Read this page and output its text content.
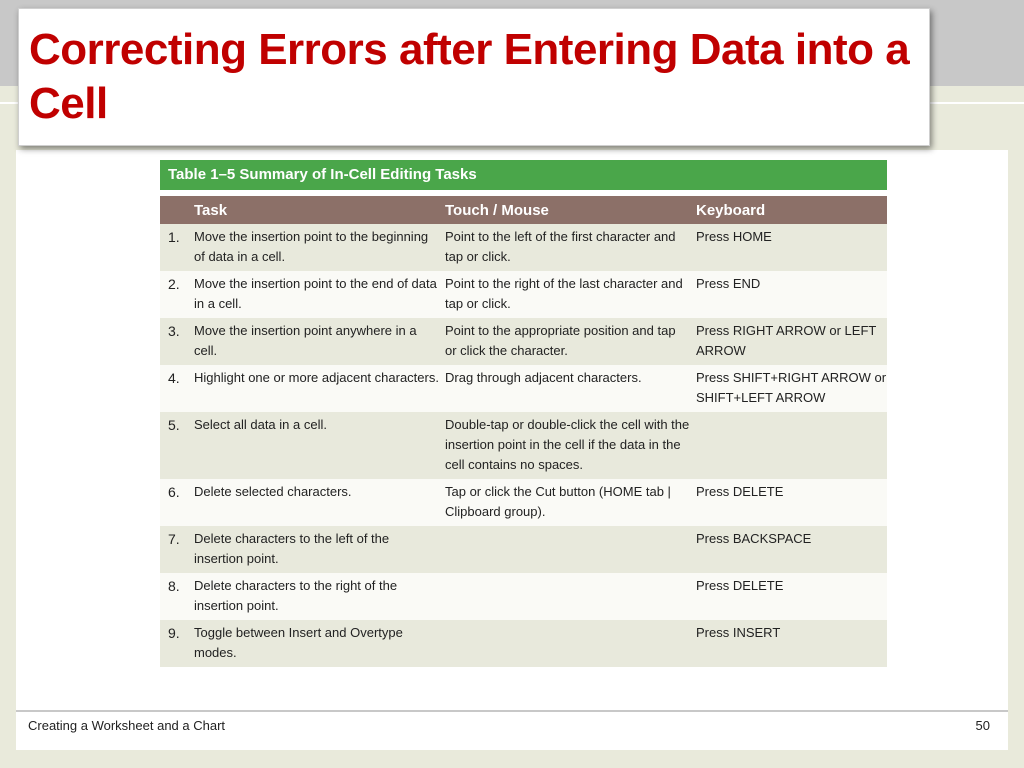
Correcting Errors after Entering Data into a Cell
Table 1–5 Summary of In-Cell Editing Tasks
	Task	Touch / Mouse	Keyboard
1.	Move the insertion point to the beginning of data in a cell.	Point to the left of the first character and tap or click.	Press HOME
2.	Move the insertion point to the end of data in a cell.	Point to the right of the last character and tap or click.	Press END
3.	Move the insertion point anywhere in a cell.	Point to the appropriate position and tap or click the character.	Press RIGHT ARROW or LEFT ARROW
4.	Highlight one or more adjacent characters.	Drag through adjacent characters.	Press SHIFT+RIGHT ARROW or SHIFT+LEFT ARROW
5.	Select all data in a cell.	Double-tap or double-click the cell with the insertion point in the cell if the data in the cell contains no spaces.	
6.	Delete selected characters.	Tap or click the Cut button (HOME tab | Clipboard group).	Press DELETE
7.	Delete characters to the left of the insertion point.		Press BACKSPACE
8.	Delete characters to the right of the insertion point.		Press DELETE
9.	Toggle between Insert and Overtype modes.		Press INSERT
Creating a Worksheet and a Chart	50
